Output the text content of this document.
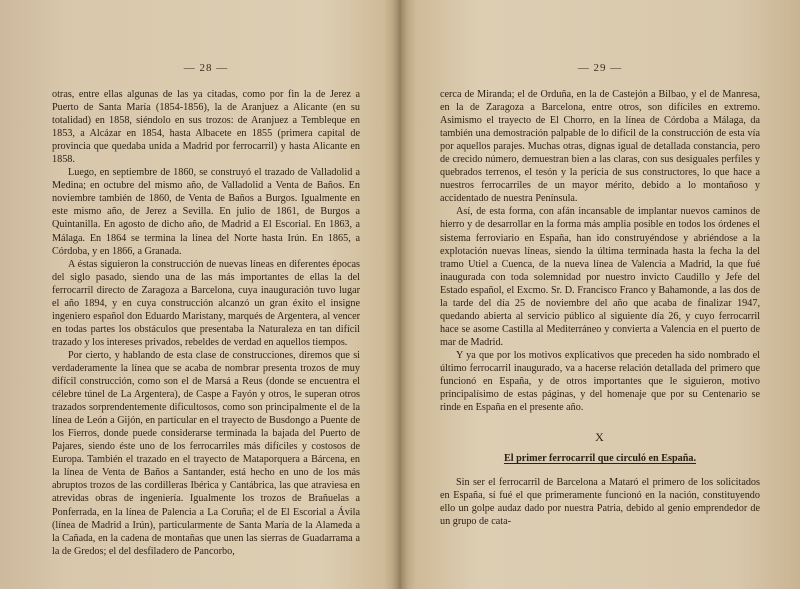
— 28 —

otras, entre ellas algunas de las ya citadas, como por fin la de Jerez a Puerto de Santa María (1854-1856), la de Aranjuez a Alicante (en su totalidad) en 1858, siéndolo en sus trozos: de Aranjuez a Tembleque en 1853, a Alcázar en 1854, hasta Albacete en 1855 (primera capital de provincia que quedaba unida a Madrid por ferrocarril) y hasta Alicante en 1858.

Luego, en septiembre de 1860, se construyó el trazado de Valladolid a Medina; en octubre del mismo año, de Valladolid a Venta de Baños. En noviembre también de 1860, de Venta de Baños a Burgos. Igualmente en este mismo año, de Jerez a Sevilla. En julio de 1861, de Burgos a Quintanilla. En agosto de dicho año, de Madrid a El Escorial. En 1863, a Málaga. En 1864 se termina la línea del Norte hasta Irún. En 1865, a Córdoba, y en 1866, a Granada.

A éstas siguieron la construcción de nuevas líneas en diferentes épocas del siglo pasado, siendo una de las más importantes de ellas la del ferrocarril directo de Zaragoza a Barcelona, cuya inauguración tuvo lugar el año 1894, y en cuya construcción alcanzó un gran éxito el insigne ingeniero español don Eduardo Maristany, marqués de Argentera, al vencer en todas partes los obstáculos que presentaba la Naturaleza en tan difícil trazado y los intereses privados, rebeldes de verdad en aquellos tiempos.

Por cierto, y hablando de esta clase de construcciones, diremos que si verdaderamente la línea que se acaba de nombrar presenta trozos de muy difícil construcción, como son el de Marsá a Reus (donde se encuentra el célebre túnel de La Argentera), de Caspe a Fayón y otros, le superan otros trazados sorprendentemente dificultosos, como son principalmente el de la línea de León a Gijón, en particular en el trayecto de Busdongo a Puente de los Fierros, donde puede considerarse terminada la bajada del Puerto de Pajares, siendo éste uno de los ferrocarriles más difíciles y costosos de Europa. También el trazado en el trayecto de Mataporquera a Bárcena, en la línea de Venta de Baños a Santander, está hecho en uno de los más abruptos trozos de las cordilleras Ibérica y Cantábrica, las que atraviesa en atrevidas obras de ingeniería. Igualmente los trozos de Brañuelas a Ponferrada, en la línea de Palencia a La Coruña; el de El Escorial a Ávila (línea de Madrid a Irún), particularmente de Santa María de la Alameda a la Cañada, en la cadena de montañas que unen las sierras de Guadarrama a la de Gredos; el del desfiladero de Pancorbo,

— 29 —

cerca de Miranda; el de Orduña, en la de Castejón a Bilbao, y el de Manresa, en la de Zaragoza a Barcelona, entre otros, son difíciles en extremo. Asimismo el trayecto de El Chorro, en la línea de Córdoba a Málaga, da también una demostración palpable de lo difícil de la construcción de esta vía por aquellos parajes. Muchas otras, dignas igual de detallada constancia, pero de crecido número, demuestran bien a las claras, con sus desiguales perfiles y quebrados terrenos, el tesón y la pericia de sus constructores, lo que hace a nuestros ferrocarriles de un mayor mérito, debido a lo montañoso y accidentado de nuestra Península.

Así, de esta forma, con afán incansable de implantar nuevos caminos de hierro y de desarrollar en la forma más amplia posible en todos los órdenes el sistema ferroviario en España, han ido construyéndose y abriéndose a la explotación nuevas líneas, siendo la última terminada hasta la fecha la del tramo Utiel a Cuenca, de la nueva línea de Valencia a Madrid, la que fué inaugurada con toda solemnidad por nuestro invicto Caudillo y Jefe del Estado español, el Excmo. Sr. D. Francisco Franco y Bahamonde, a las dos de la tarde del día 25 de noviembre del año que acaba de finalizar 1947, quedando abierta al servicio público al siguiente día 26, y cuyo ferrocarril hace se asome Castilla al Mediterráneo y convierta a Valencia en el puerto de mar de Madrid.

Y ya que por los motivos explicativos que preceden ha sido nombrado el último ferrocarril inaugurado, va a hacerse relación detallada del primero que funcionó en España, y de otros importantes que le siguieron, motivo principalísimo de estas páginas, y del homenaje que por su Centenario se rinde en España en el presente año.

X
El primer ferrocarril que circuló en España.

Sin ser el ferrocarril de Barcelona a Mataró el primero de los solicitados en España, sí fué el que primeramente funcionó en la nación, constituyendo ello un golpe audaz dado por nuestra Patria, debido al genio emprendedor de un grupo de cata-
